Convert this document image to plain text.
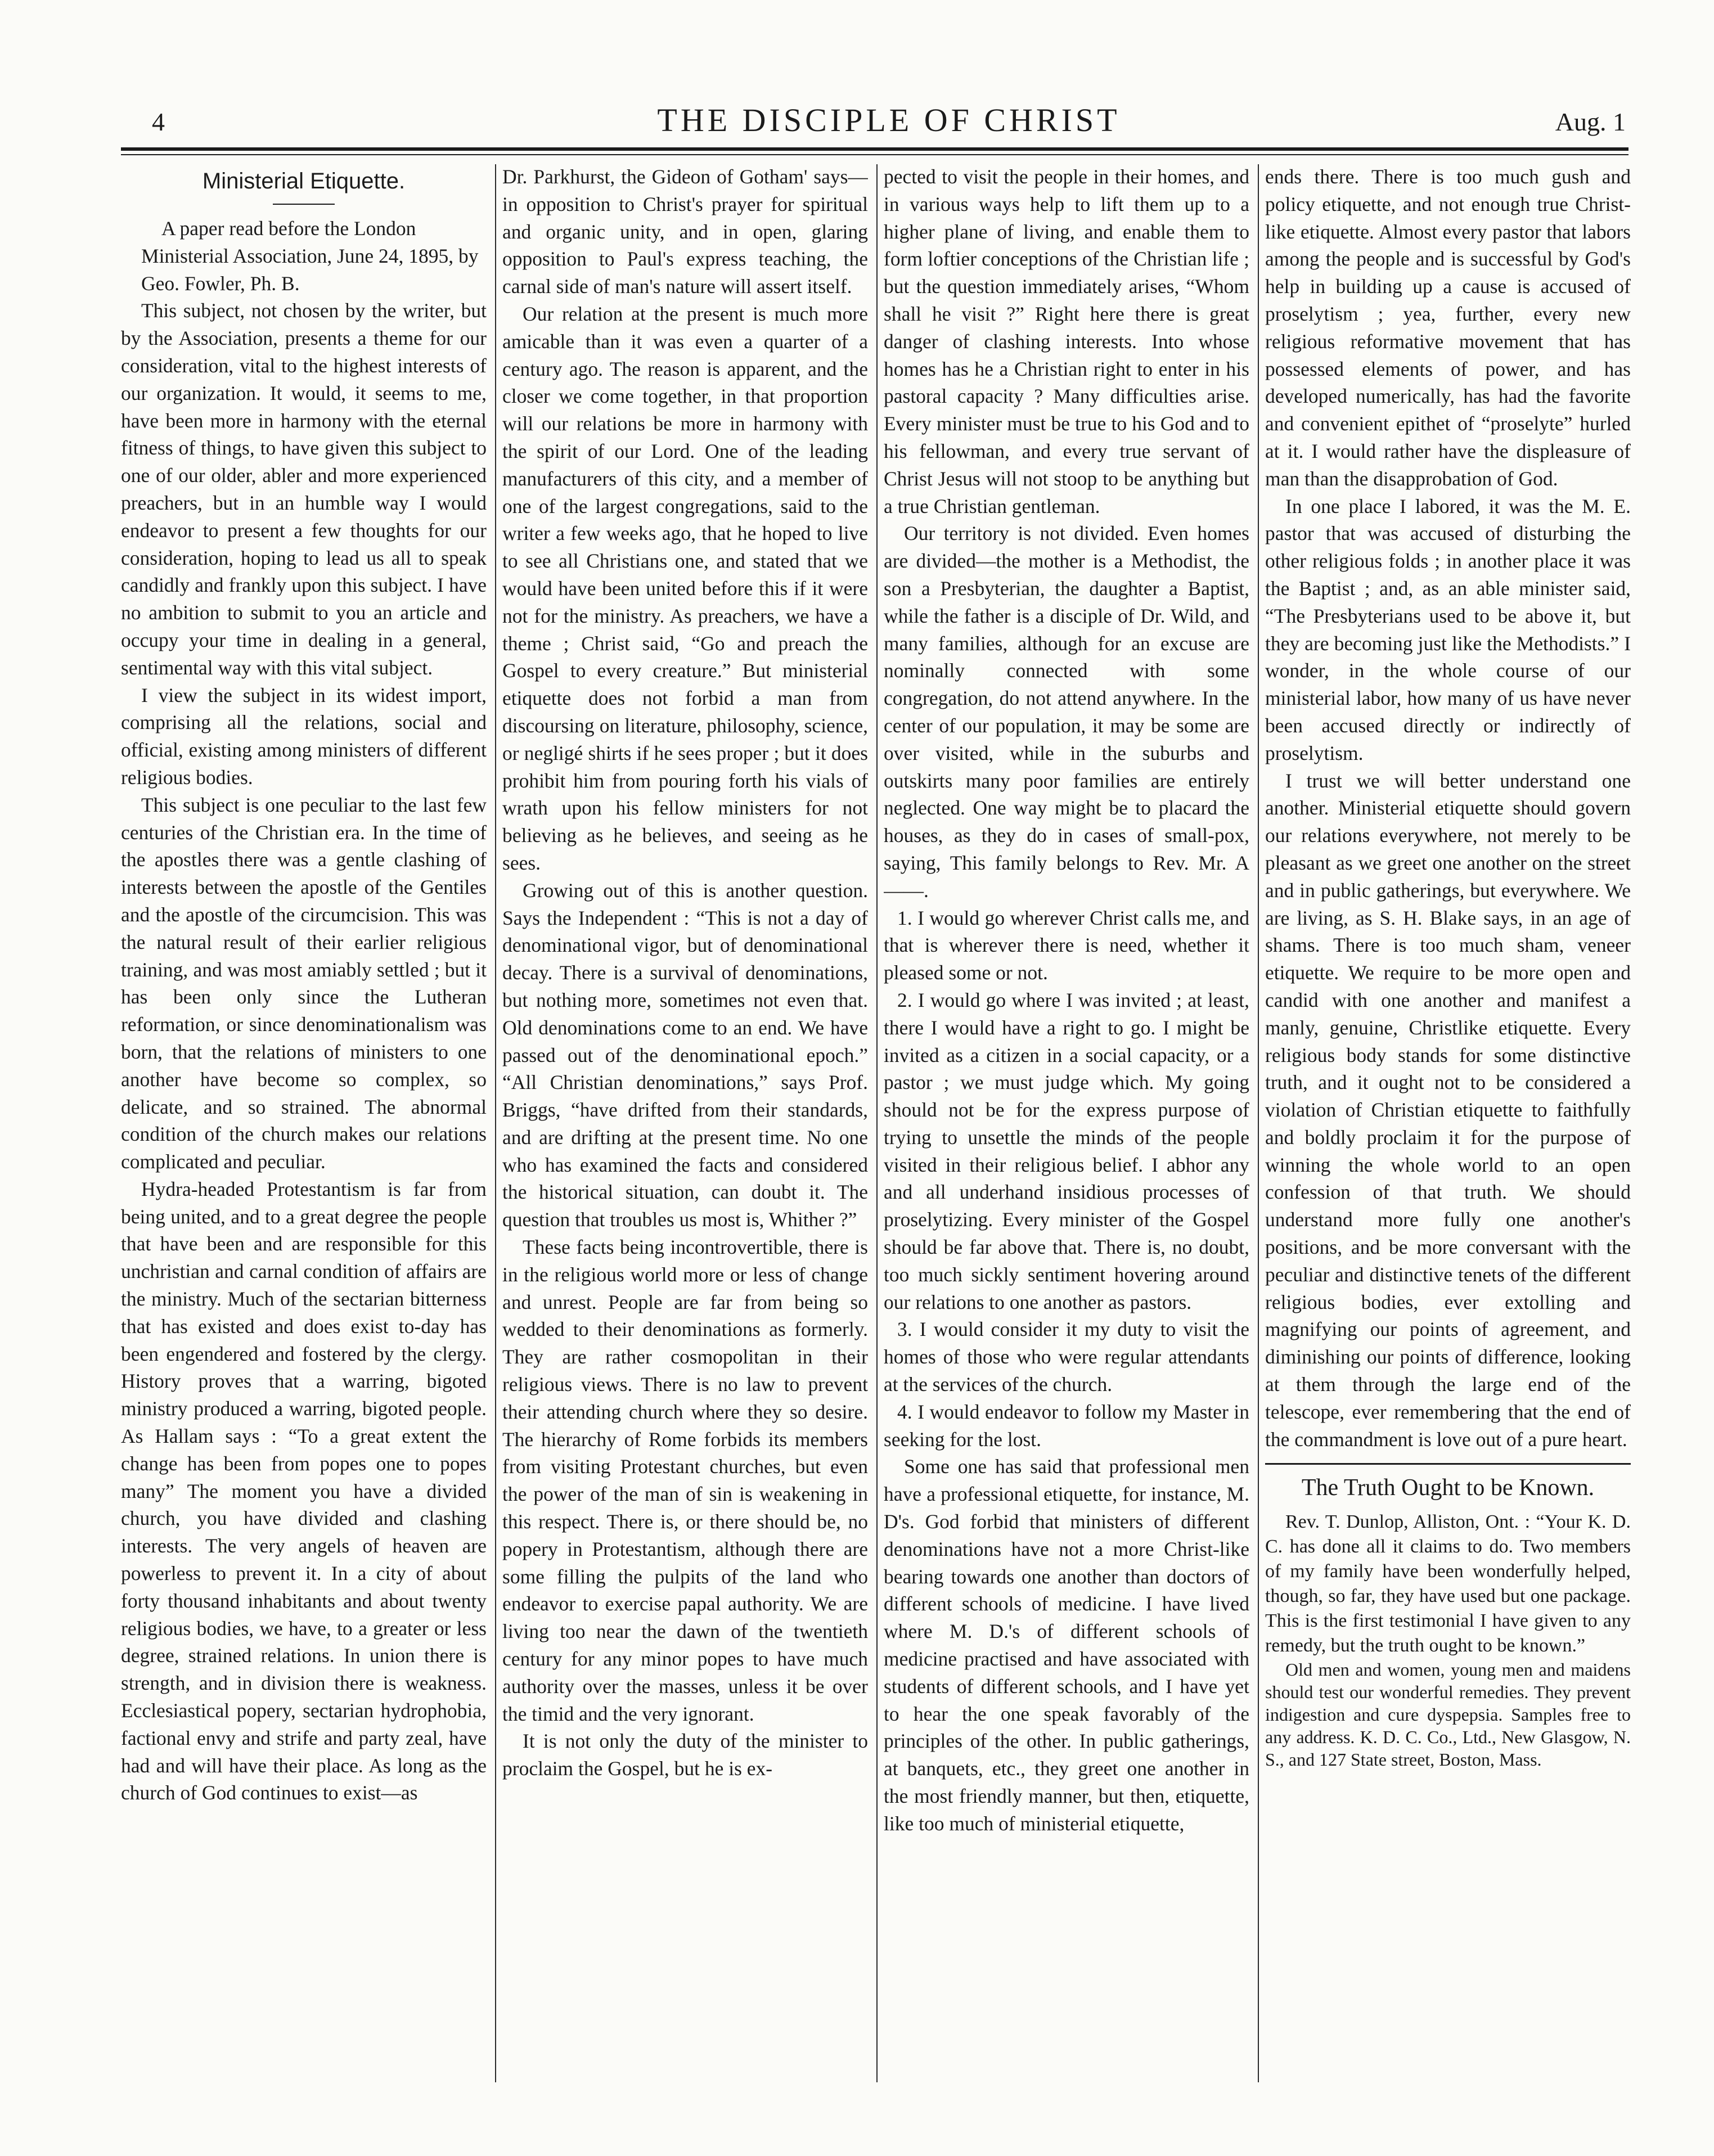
4	THE DISCIPLE OF CHRIST	Aug. 1
Ministerial Etiquette.

A paper read before the London Ministerial Association, June 24, 1895, by Geo. Fowler, Ph. B.

This subject, not chosen by the writer, but by the Association, presents a theme for our consideration, vital to the highest interests of our organization. It would, it seems to me, have been more in harmony with the eternal fitness of things, to have given this subject to one of our older, abler and more experienced preachers, but in an humble way I would endeavor to present a few thoughts for our consideration, hoping to lead us all to speak candidly and frankly upon this subject. I have no ambition to submit to you an article and occupy your time in dealing in a general, sentimental way with this vital subject.

I view the subject in its widest import, comprising all the relations, social and official, existing among ministers of different religious bodies.

This subject is one peculiar to the last few centuries of the Christian era. In the time of the apostles there was a gentle clashing of interests between the apostle of the Gentiles and the apostle of the circumcision. This was the natural result of their earlier religious training, and was most amiably settled ; but it has been only since the Lutheran reformation, or since denominationalism was born, that the relations of ministers to one another have become so complex, so delicate, and so strained. The abnormal condition of the church makes our relations complicated and peculiar.

Hydra-headed Protestantism is far from being united, and to a great degree the people that have been and are responsible for this unchristian and carnal condition of affairs are the ministry. Much of the sectarian bitterness that has existed and does exist to-day has been engendered and fostered by the clergy. History proves that a warring, bigoted ministry produced a warring, bigoted people. As Hallam says : “To a great extent the change has been from popes one to popes many” The moment you have a divided church, you have divided and clashing interests. The very angels of heaven are powerless to prevent it. In a city of about forty thousand inhabitants and about twenty religious bodies, we have, to a greater or less degree, strained relations. In union there is strength, and in division there is weakness. Ecclesiastical popery, sectarian hydrophobia, factional envy and strife and party zeal, have had and will have their place. As long as the church of God continues to exist—as

Dr. Parkhurst, the Gideon of Gotham' says—in opposition to Christ's prayer for spiritual and organic unity, and in open, glaring opposition to Paul's express teaching, the carnal side of man's nature will assert itself.

Our relation at the present is much more amicable than it was even a quarter of a century ago. The reason is apparent, and the closer we come together, in that proportion will our relations be more in harmony with the spirit of our Lord. One of the leading manufacturers of this city, and a member of one of the largest congregations, said to the writer a few weeks ago, that he hoped to live to see all Christians one, and stated that we would have been united before this if it were not for the ministry. As preachers, we have a theme ; Christ said, “Go and preach the Gospel to every creature.” But ministerial etiquette does not forbid a man from discoursing on literature, philosophy, science, or negligé shirts if he sees proper ; but it does prohibit him from pouring forth his vials of wrath upon his fellow ministers for not believing as he believes, and seeing as he sees.

Growing out of this is another question. Says the Independent : “This is not a day of denominational vigor, but of denominational decay. There is a survival of denominations, but nothing more, sometimes not even that. Old denominations come to an end. We have passed out of the denominational epoch.” “All Christian denominations,” says Prof. Briggs, “have drifted from their standards, and are drifting at the present time. No one who has examined the facts and considered the historical situation, can doubt it. The question that troubles us most is, Whither ?”

These facts being incontrovertible, there is in the religious world more or less of change and unrest. People are far from being so wedded to their denominations as formerly. They are rather cosmopolitan in their religious views. There is no law to prevent their attending church where they so desire. The hierarchy of Rome forbids its members from visiting Protestant churches, but even the power of the man of sin is weakening in this respect. There is, or there should be, no popery in Protestantism, although there are some filling the pulpits of the land who endeavor to exercise papal authority. We are living too near the dawn of the twentieth century for any minor popes to have much authority over the masses, unless it be over the timid and the very ignorant.

It is not only the duty of the minister to proclaim the Gospel, but he is ex-

pected to visit the people in their homes, and in various ways help to lift them up to a higher plane of living, and enable them to form loftier conceptions of the Christian life ; but the question immediately arises, “Whom shall he visit ?” Right here there is great danger of clashing interests. Into whose homes has he a Christian right to enter in his pastoral capacity ? Many difficulties arise. Every minister must be true to his God and to his fellowman, and every true servant of Christ Jesus will not stoop to be anything but a true Christian gentleman.

Our territory is not divided. Even homes are divided—the mother is a Methodist, the son a Presbyterian, the daughter a Baptist, while the father is a disciple of Dr. Wild, and many families, although for an excuse are nominally connected with some congregation, do not attend anywhere. In the center of our population, it may be some are over visited, while in the suburbs and outskirts many poor families are entirely neglected. One way might be to placard the houses, as they do in cases of small-pox, saying, This family belongs to Rev. Mr. A——.

1. I would go wherever Christ calls me, and that is wherever there is need, whether it pleased some or not.

2. I would go where I was invited ; at least, there I would have a right to go. I might be invited as a citizen in a social capacity, or a pastor ; we must judge which. My going should not be for the express purpose of trying to unsettle the minds of the people visited in their religious belief. I abhor any and all underhand insidious processes of proselytizing. Every minister of the Gospel should be far above that. There is, no doubt, too much sickly sentiment hovering around our relations to one another as pastors.

3. I would consider it my duty to visit the homes of those who were regular attendants at the services of the church.

4. I would endeavor to follow my Master in seeking for the lost.

Some one has said that professional men have a professional etiquette, for instance, M. D's. God forbid that ministers of different denominations have not a more Christ-like bearing towards one another than doctors of different schools of medicine. I have lived where M. D.'s of different schools of medicine practised and have associated with students of different schools, and I have yet to hear the one speak favorably of the principles of the other. In public gatherings, at banquets, etc., they greet one another in the most friendly manner, but then, etiquette, like too much of ministerial etiquette,

ends there. There is too much gush and policy etiquette, and not enough true Christ-like etiquette. Almost every pastor that labors among the people and is successful by God's help in building up a cause is accused of proselytism ; yea, further, every new religious reformative movement that has possessed elements of power, and has developed numerically, has had the favorite and convenient epithet of “proselyte” hurled at it. I would rather have the displeasure of man than the disapprobation of God.

In one place I labored, it was the M. E. pastor that was accused of disturbing the other religious folds ; in another place it was the Baptist ; and, as an able minister said, “The Presbyterians used to be above it, but they are becoming just like the Methodists.” I wonder, in the whole course of our ministerial labor, how many of us have never been accused directly or indirectly of proselytism.

I trust we will better understand one another. Ministerial etiquette should govern our relations everywhere, not merely to be pleasant as we greet one another on the street and in public gatherings, but everywhere. We are living, as S. H. Blake says, in an age of shams. There is too much sham, veneer etiquette. We require to be more open and candid with one another and manifest a manly, genuine, Christlike etiquette. Every religious body stands for some distinctive truth, and it ought not to be considered a violation of Christian etiquette to faithfully and boldly proclaim it for the purpose of winning the whole world to an open confession of that truth. We should understand more fully one another's positions, and be more conversant with the peculiar and distinctive tenets of the different religious bodies, ever extolling and magnifying our points of agreement, and diminishing our points of difference, looking at them through the large end of the telescope, ever remembering that the end of the commandment is love out of a pure heart.

The Truth Ought to be Known.

Rev. T. Dunlop, Alliston, Ont. : “Your K. D. C. has done all it claims to do. Two members of my family have been wonderfully helped, though, so far, they have used but one package. This is the first testimonial I have given to any remedy, but the truth ought to be known.”

Old men and women, young men and maidens should test our wonderful remedies. They prevent indigestion and cure dyspepsia. Samples free to any address. K. D. C. Co., Ltd., New Glasgow, N. S., and 127 State street, Boston, Mass.
